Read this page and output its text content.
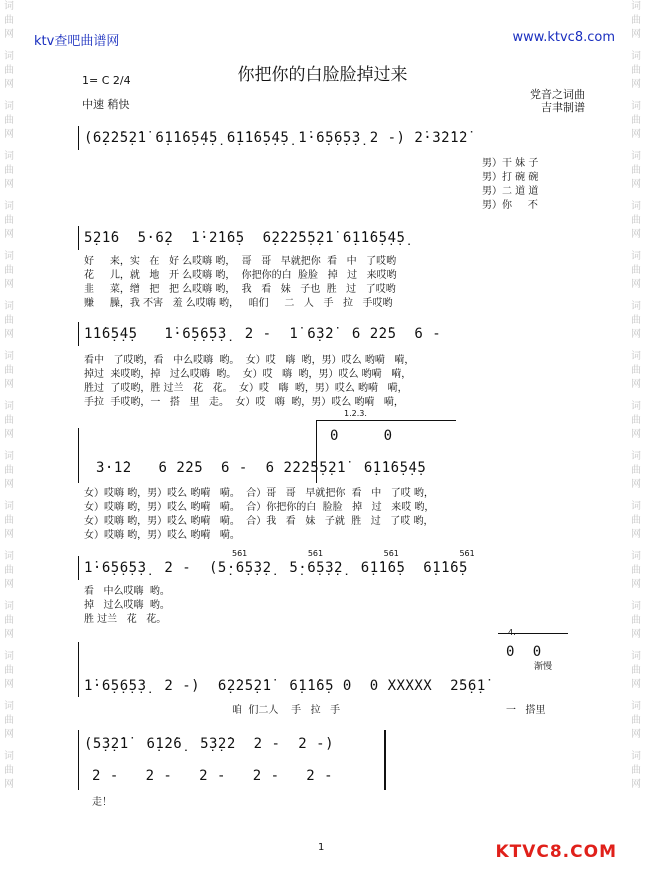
词 曲 网
词 曲 网
词 曲 网
词 曲 网
词 曲 网
词 曲 网
词 曲 网
词 曲 网
词 曲 网
词 曲 网
词 曲 网
词 曲 网
词 曲 网
词 曲 网
词 曲 网
词 曲 网
词 曲 网
词 曲 网
词 曲 网
词 曲 网
词 曲 网
词 曲 网
词 曲 网
词 曲 网
词 曲 网
词 曲 网
词 曲 网
词 曲 网
词 曲 网
词 曲 网
词 曲 网
词 曲 网
ktv查吧曲谱网	www.ktvc8.com
你把你的白脸脸掉过来
1= C 2/4
中速 稍快
党音之词曲
吉聿制谱
(6̣2̇2̇5̣2̇1̇ 6̣1̇1̇6̣5̣4̣5̣ 6̣1̇1̇6̣5̣4̣5̣ 1̇·6̣5̣6̣5̣3̣ 2 -) 2̇·3̇2̇1̇2̇
男）干 妹 子
男）打 碗 碗
男）二 道 道
男）你     不
5̣2̇1̇6  5·6̣2  1̇·2̇1̇6̣5  6̣2̇2̇2̇5̣5̣2̇1̇ 6̣1̇1̇6̣5̣4̣5̣
好     来，实   在   好 么哎嗨 哟，  哥   哥   早就把你  看   中   了哎哟
花     儿，就   地   开 么哎嗨 哟，  你把你的白  脸脸   掉   过   来哎哟
韭     菜，缯   把   把 么哎嗨 哟，  我   看   妹   子也  胜   过   了哎哟
赚     臊，我 不害   羞 么哎嗨 哟，   咱们     二   人   手   拉   手哎哟
1̇1̇6̣5̣4̣5   1̇·6̣5̣6̣5̣3̣  2 -  1̇ 6̣3̇2̇  6 2̇2̇5  6 -
看中   了哎哟，看   中么哎嗨  哟。  女）哎   嗨  哟，男）哎么 哟嗬   嗬，
掉过  来哎哟，掉   过么哎嗨  哟。  女）哎   嗨  哟，男）哎么 哟嗬   嗬，
胜过  了哎哟，胜 过兰   花   花。  女）哎   嗨  哟，男）哎么 哟嗬   嗬，
手拉  手哎哟，一   搭   里   走。  女）哎   嗨  哟，男）哎么 哟嗬   嗬，
1.2.3.
0     0
3·1̇2   6 2̇2̇5  6 -  6 2̇2̇2̇5̣5̣2̇1̇  6̣1̇1̇6̣5̣4̣5
女）哎嗨 哟，男）哎么 哟嗬   嗬。  合）哥   哥   早就把你  看   中   了哎 哟，
女）哎嗨 哟，男）哎么 哟嗬   嗬。  合）你把你的白  脸脸   掉   过   来哎 哟，
女）哎嗨 哟，男）哎么 哟嗬   嗬。  合）我   看   妹   子就  胜   过   了哎 哟，
女）哎嗨 哟，男）哎么 哟嗬   嗬。
56̇1 56̇1 56̇1 56̇1
1̇·6̣5̣6̣5̣3̣  2 -  (5̣·6̣5̣3̣2̣  5̣·6̣5̣3̣2̣  6̣1̇1̇6̣5  6̣1̇1̇6̣5
看   中么哎嗨  哟。
掉   过么哎嗨  哟。
胜 过兰   花   花。
4.
0  0
渐慢
1̇·6̣5̣6̣5̣3̣  2 -)  6̣2̇2̇5̣2̇1̇  6̣1̇1̇6̣5 0  0 XXXXX  2̇5̣6̣1̇
咱  们二人    手   拉   手	一   搭里
(5̣3̣2̇1̇  6̣1̇2̇6̣  5̣3̣2̇2  2 -  2 -)
2 -   2 -   2 -   2 -   2 -
走！
1	KTVC8.COM
